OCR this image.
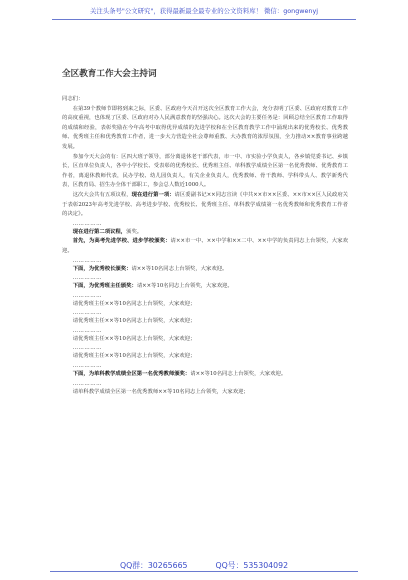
关注头条号"公文研究"，获得最新最全最专业的公文资料库！ 微信：gongwenyj
全区教育工作大会主持词

同志们：

在第39个教师节即将到来之际，区委、区政府今天召开这次全区教育工作大会，充分表明了区委、区政府对教育工作的高度重视，也体现了区委、区政府对办人民满意教育的坚强决心。这次大会的主要任务是：回顾总结全区教育工作取得的成绩和经验，表彰奖励在今年高考中取得优异成绩的先进学校和在全区教育教学工作中涌现出来的优秀校长、优秀教师、优秀班主任和优秀教育工作者，进一步大力营造全社会尊师重教、大办教育的浓厚氛围，全力推动××教育事业跨越发展。

参加今天大会的有：区四大班子领导，部分离退休老干部代表，市一中、市实验小学负责人，各乡镇党委书记、乡镇长，区直单位负责人，各中小学校长、受表彰的优秀校长、优秀班主任、单科教学成绩全区第一名优秀教师、优秀教育工作者，离退休教师代表，民办学校、幼儿园负责人，有关企业负责人，优秀教师、骨干教师、学科带头人、教学新秀代表，区教育局、招生办全体干部职工，参会总人数近1000人。

这次大会共有五项议程，现在进行第一项：请区委副书记××同志宣读《中共××市××区委、××市××区人民政府关于表彰2023年高考先进学校、高考进步学校、优秀校长、优秀班主任、单科教学成绩第一名优秀教师和优秀教育工作者的决定》。

……………

现在进行第二项议程，颁奖。

首先，为高考先进学校、进步学校颁奖：请××市一中、××中学和××二中、××中学的负责同志上台领奖，大家欢迎。

……………

下面，为优秀校长颁奖：请××等10名同志上台领奖，大家欢迎。

……………

下面，为优秀班主任颁奖：请××等10名同志上台领奖，大家欢迎。

……………

请优秀班主任××等10名同志上台领奖，大家欢迎；

……………

请优秀班主任××等10名同志上台领奖，大家欢迎；

……………

请优秀班主任××等10名同志上台领奖，大家欢迎；

……………

请优秀班主任××等10名同志上台领奖，大家欢迎；

……………

下面，为单科教学成绩全区第一名优秀教师颁奖：请××等10名同志上台领奖，大家欢迎。

……………

请单科教学成绩全区第一名优秀教师××等10名同志上台领奖，大家欢迎；

QQ群：30265665	QQ号：535304092
